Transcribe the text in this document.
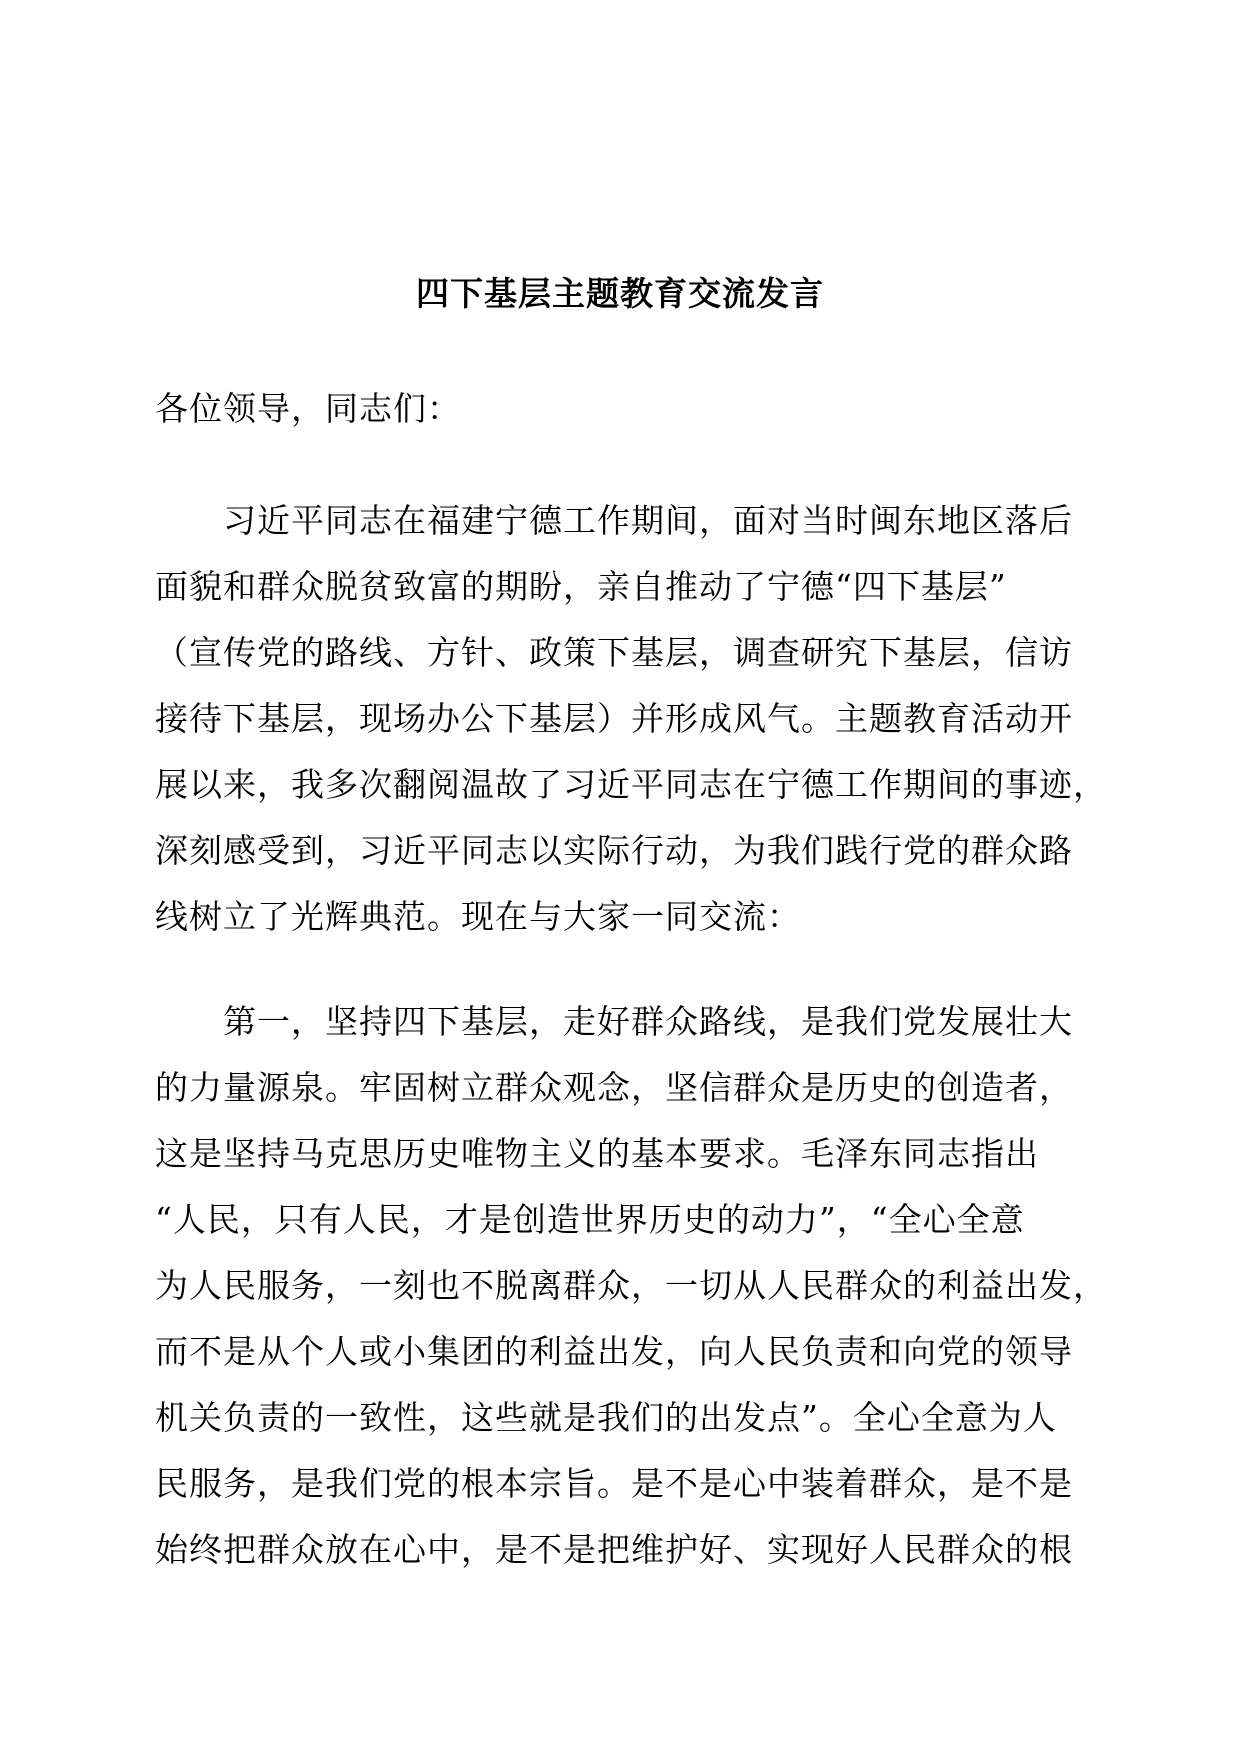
四下基层主题教育交流发言
各位领导，同志们：
习近平同志在福建宁德工作期间，面对当时闽东地区落后
面貌和群众脱贫致富的期盼，亲自推动了宁德“四下基层”
（宣传党的路线、方针、政策下基层，调查研究下基层，信访
接待下基层，现场办公下基层）并形成风气。主题教育活动开
展以来，我多次翻阅温故了习近平同志在宁德工作期间的事迹，
深刻感受到，习近平同志以实际行动，为我们践行党的群众路
线树立了光辉典范。现在与大家一同交流：
第一，坚持四下基层，走好群众路线，是我们党发展壮大
的力量源泉。牢固树立群众观念，坚信群众是历史的创造者，
这是坚持马克思历史唯物主义的基本要求。毛泽东同志指出
“人民，只有人民，才是创造世界历史的动力”，“全心全意
为人民服务，一刻也不脱离群众，一切从人民群众的利益出发，
而不是从个人或小集团的利益出发，向人民负责和向党的领导
机关负责的一致性，这些就是我们的出发点”。全心全意为人
民服务，是我们党的根本宗旨。是不是心中装着群众，是不是
始终把群众放在心中，是不是把维护好、实现好人民群众的根
